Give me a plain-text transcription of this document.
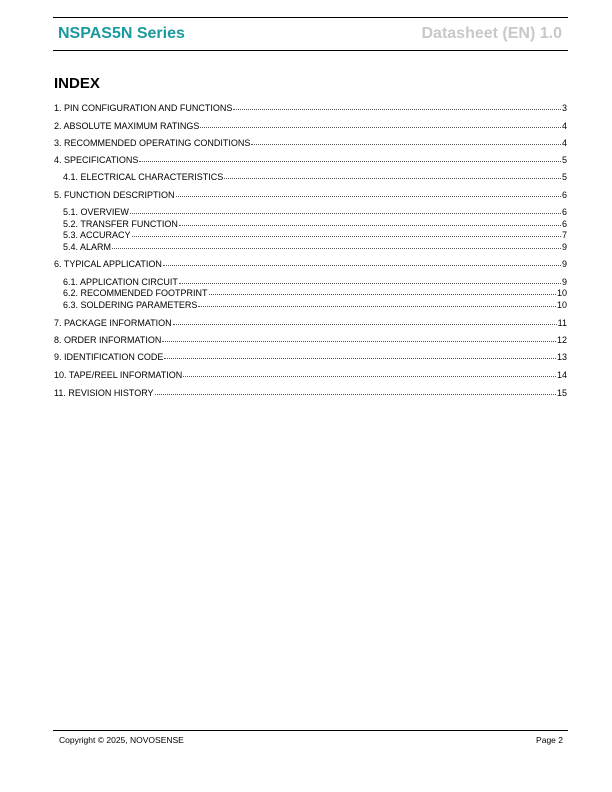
NSPAS5N Series	Datasheet (EN) 1.0
INDEX
1. PIN CONFIGURATION AND FUNCTIONS	3
2. ABSOLUTE MAXIMUM RATINGS	4
3. RECOMMENDED OPERATING CONDITIONS	4
4. SPECIFICATIONS	5
4.1. ELECTRICAL CHARACTERISTICS	5
5. FUNCTION DESCRIPTION	6
5.1. OVERVIEW	6
5.2. TRANSFER FUNCTION	6
5.3. ACCURACY	7
5.4. ALARM	9
6. TYPICAL APPLICATION	9
6.1. APPLICATION CIRCUIT	9
6.2. RECOMMENDED FOOTPRINT	10
6.3. SOLDERING PARAMETERS	10
7. PACKAGE INFORMATION	11
8. ORDER INFORMATION	12
9. IDENTIFICATION CODE	13
10. TAPE/REEL INFORMATION	14
11. REVISION HISTORY	15
Copyright © 2025, NOVOSENSE	Page 2
